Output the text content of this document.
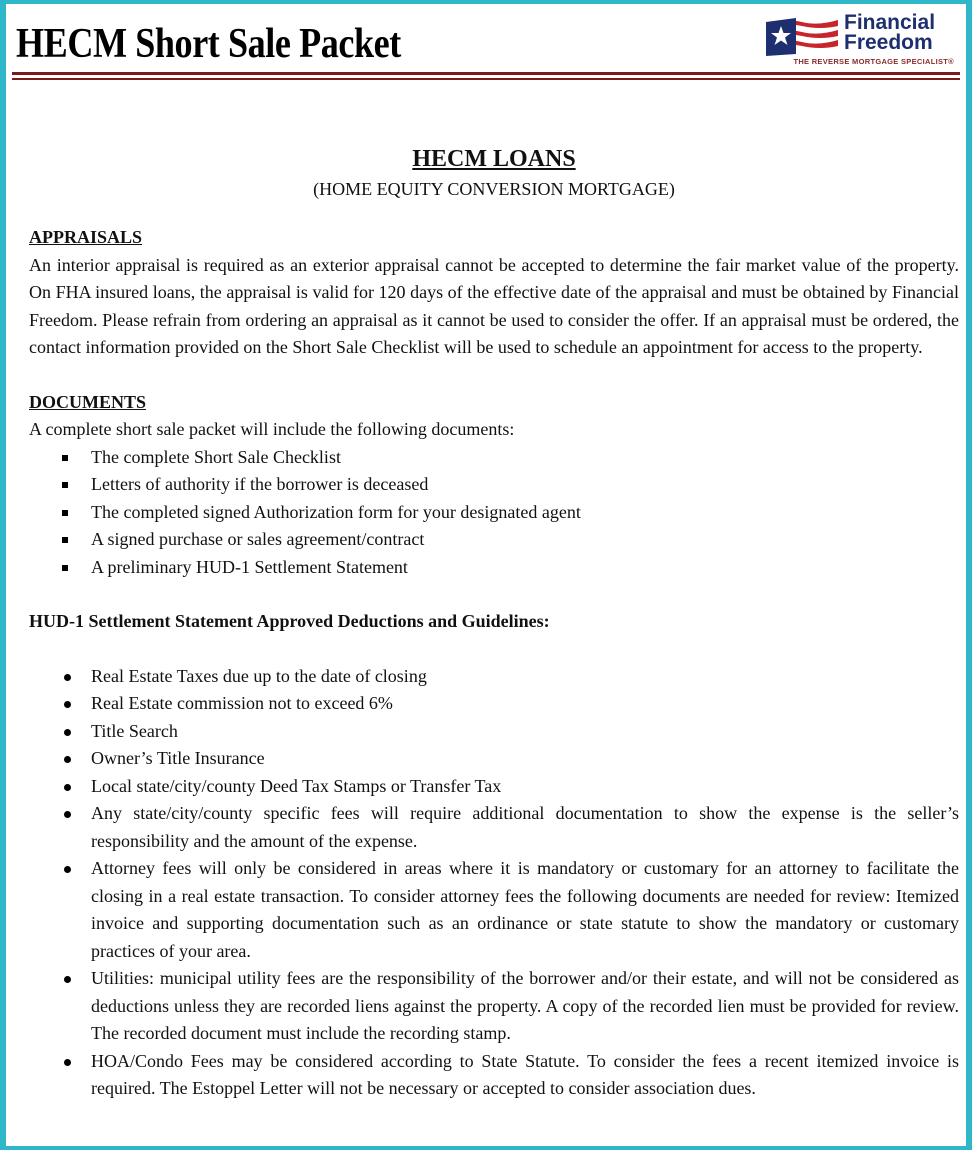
HECM Short Sale Packet	Financial
Freedom
THE REVERSE MORTGAGE SPECIALIST®

HECM LOANS

(HOME EQUITY CONVERSION MORTGAGE)

APPRAISALS

An interior appraisal is required as an exterior appraisal cannot be accepted to determine the fair market value of the property. On FHA insured loans, the appraisal is valid for 120 days of the effective date of the appraisal and must be obtained by Financial Freedom. Please refrain from ordering an appraisal as it cannot be used to consider the offer. If an appraisal must be ordered, the contact information provided on the Short Sale Checklist will be used to schedule an appointment for access to the property.

DOCUMENTS

A complete short sale packet will include the following documents:

The complete Short Sale Checklist
Letters of authority if the borrower is deceased
The completed signed Authorization form for your designated agent
A signed purchase or sales agreement/contract
A preliminary HUD-1 Settlement Statement

HUD-1 Settlement Statement Approved Deductions and Guidelines:

Real Estate Taxes due up to the date of closing
Real Estate commission not to exceed 6%
Title Search
Owner’s Title Insurance
Local state/city/county Deed Tax Stamps or Transfer Tax
Any state/city/county specific fees will require additional documentation to show the expense is the seller’s responsibility and the amount of the expense.
Attorney fees will only be considered in areas where it is mandatory or customary for an attorney to facilitate the closing in a real estate transaction. To consider attorney fees the following documents are needed for review: Itemized invoice and supporting documentation such as an ordinance or state statute to show the mandatory or customary practices of your area.
Utilities: municipal utility fees are the responsibility of the borrower and/or their estate, and will not be considered as deductions unless they are recorded liens against the property. A copy of the recorded lien must be provided for review. The recorded document must include the recording stamp.
HOA/Condo Fees may be considered according to State Statute. To consider the fees a recent itemized invoice is required. The Estoppel Letter will not be necessary or accepted to consider association dues.
